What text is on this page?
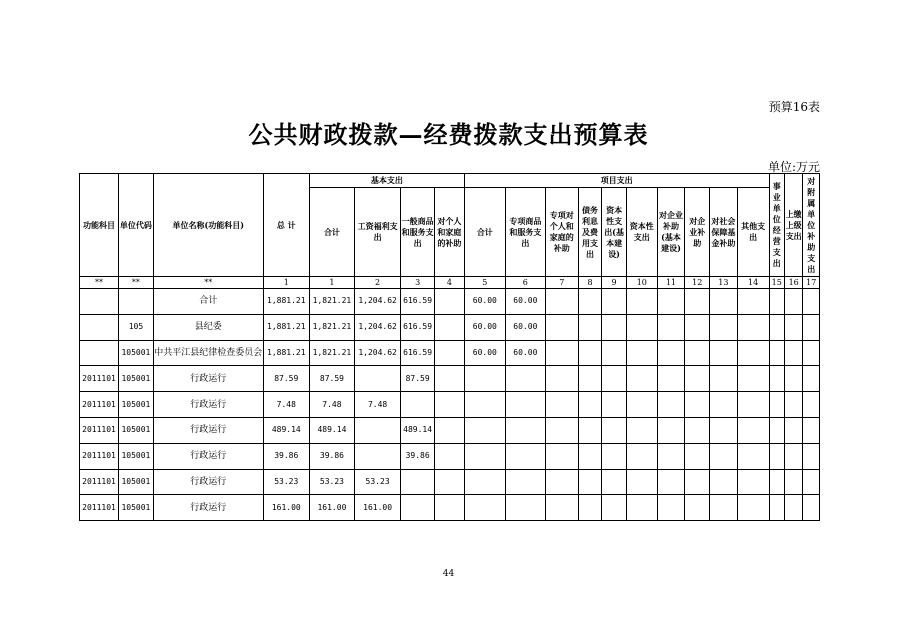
预算16表
公共财政拨款—经费拨款支出预算表
单位:万元
功能科目	单位代码	单位名称(功能科目)	总 计	基本支出				项目支出										事业单位经营支出	上缴上级支出	对附属单位补助支出
				合计	工资福利支出	一般商品和服务支出	对个人和家庭的补助	合计	专项商品和服务支出	专项对个人和家庭的补助	债务利息及费用支出	资本性支出(基本建设)	资本性支出	对企业补助(基本建设)	对企业补助	对社会保障基金补助	其他支出			
**	**	**	1	1	2	3	4	5	6	7	8	9	10	11	12	13	14	15	16	17
		合计	1,881.21	1,821.21	1,204.62	616.59		60.00	60.00											
	105	县纪委	1,881.21	1,821.21	1,204.62	616.59		60.00	60.00											
	105001	中共平江县纪律检查委员会	1,881.21	1,821.21	1,204.62	616.59		60.00	60.00											
2011101	105001	行政运行	87.59	87.59		87.59														
2011101	105001	行政运行	7.48	7.48	7.48															
2011101	105001	行政运行	489.14	489.14		489.14														
2011101	105001	行政运行	39.86	39.86		39.86														
2011101	105001	行政运行	53.23	53.23	53.23															
2011101	105001	行政运行	161.00	161.00	161.00															
44
